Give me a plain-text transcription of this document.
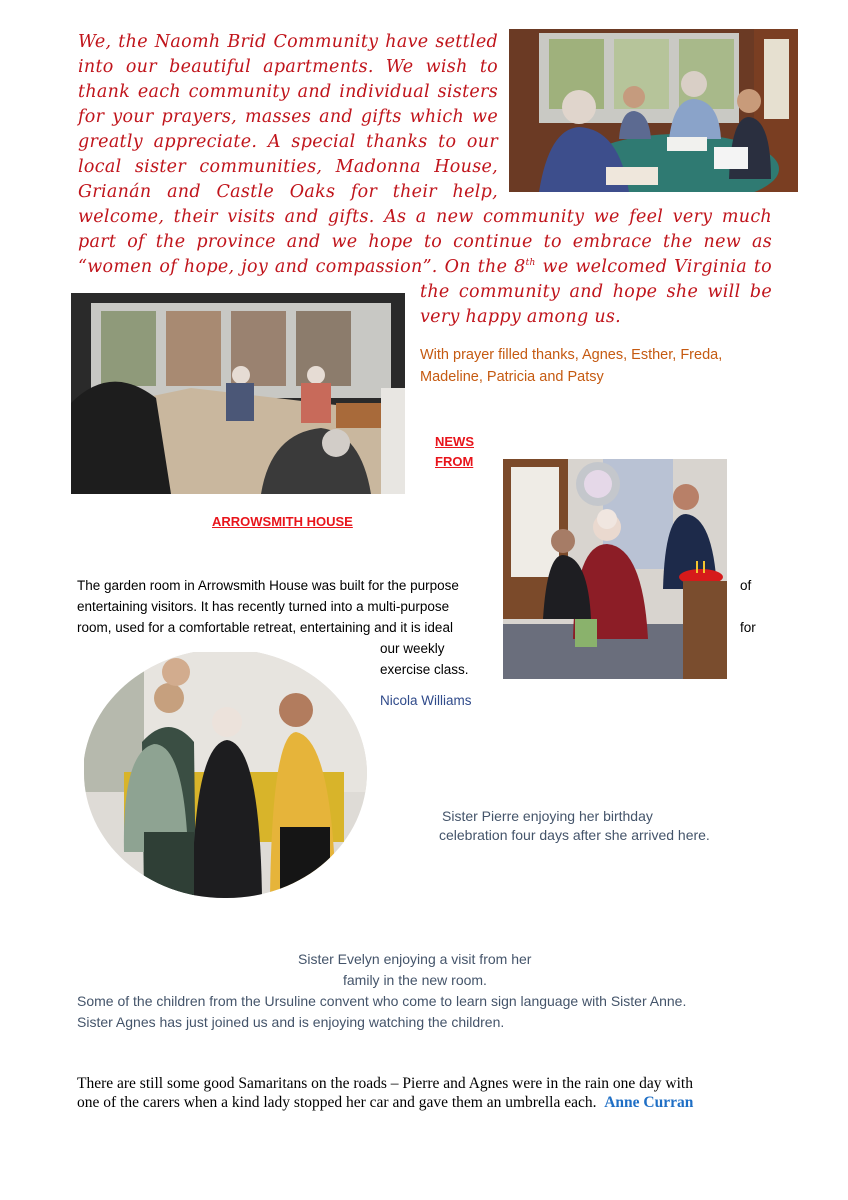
We, the Naomh Brid Community have settled
into our beautiful apartments. We wish to
thank each community and individual sisters
for your prayers, masses and gifts which we
greatly appreciate. A special thanks to our
local sister communities, Madonna House,
Grianán and Castle Oaks for their help,
welcome, their visits and gifts. As a new community we feel very much
part of the province and we hope to continue to embrace the new as
“women of hope, joy and compassion”. On the 8th we welcomed Virginia to
the community and hope she will be
very happy among us.
With prayer filled thanks, Agnes, Esther, Freda, Madeline, Patricia and Patsy
NEWS
FROM
ARROWSMITH HOUSE
The garden room in Arrowsmith House was built for the purpose	of
entertaining visitors. It has recently turned into a multi-purpose
room, used for a comfortable retreat, entertaining and it is ideal	for
our weekly
exercise class.
Nicola Williams
Sister Pierre enjoying her birthday
celebration four days after she arrived here.
Sister Evelyn enjoying a visit from her
family in the new room.
Some of the children from the Ursuline convent who come to learn sign language with Sister Anne.
Sister Agnes has just joined us and is enjoying watching the children.
There are still some good Samaritans on the roads – Pierre and Agnes were in the rain one day with
one of the carers when a kind lady stopped her car and gave them an umbrella each. Anne Curran
